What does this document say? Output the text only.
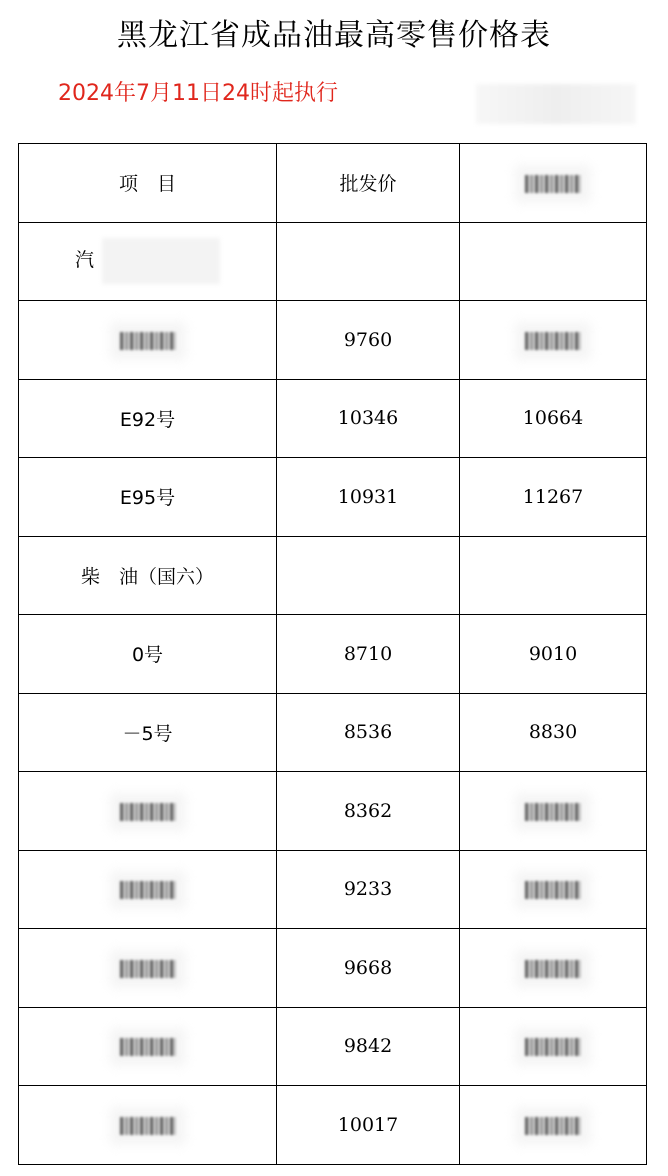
黑龙江省成品油最高零售价格表
2024年7月11日24时起执行
项　目	批发价	
汽		
	9760	
E92号	10346	10664
E95号	10931	11267
柴　油（国六）		
0号	8710	9010
－5号	8536	8830
	8362	
	9233	
	9668	
	9842	
	10017	
